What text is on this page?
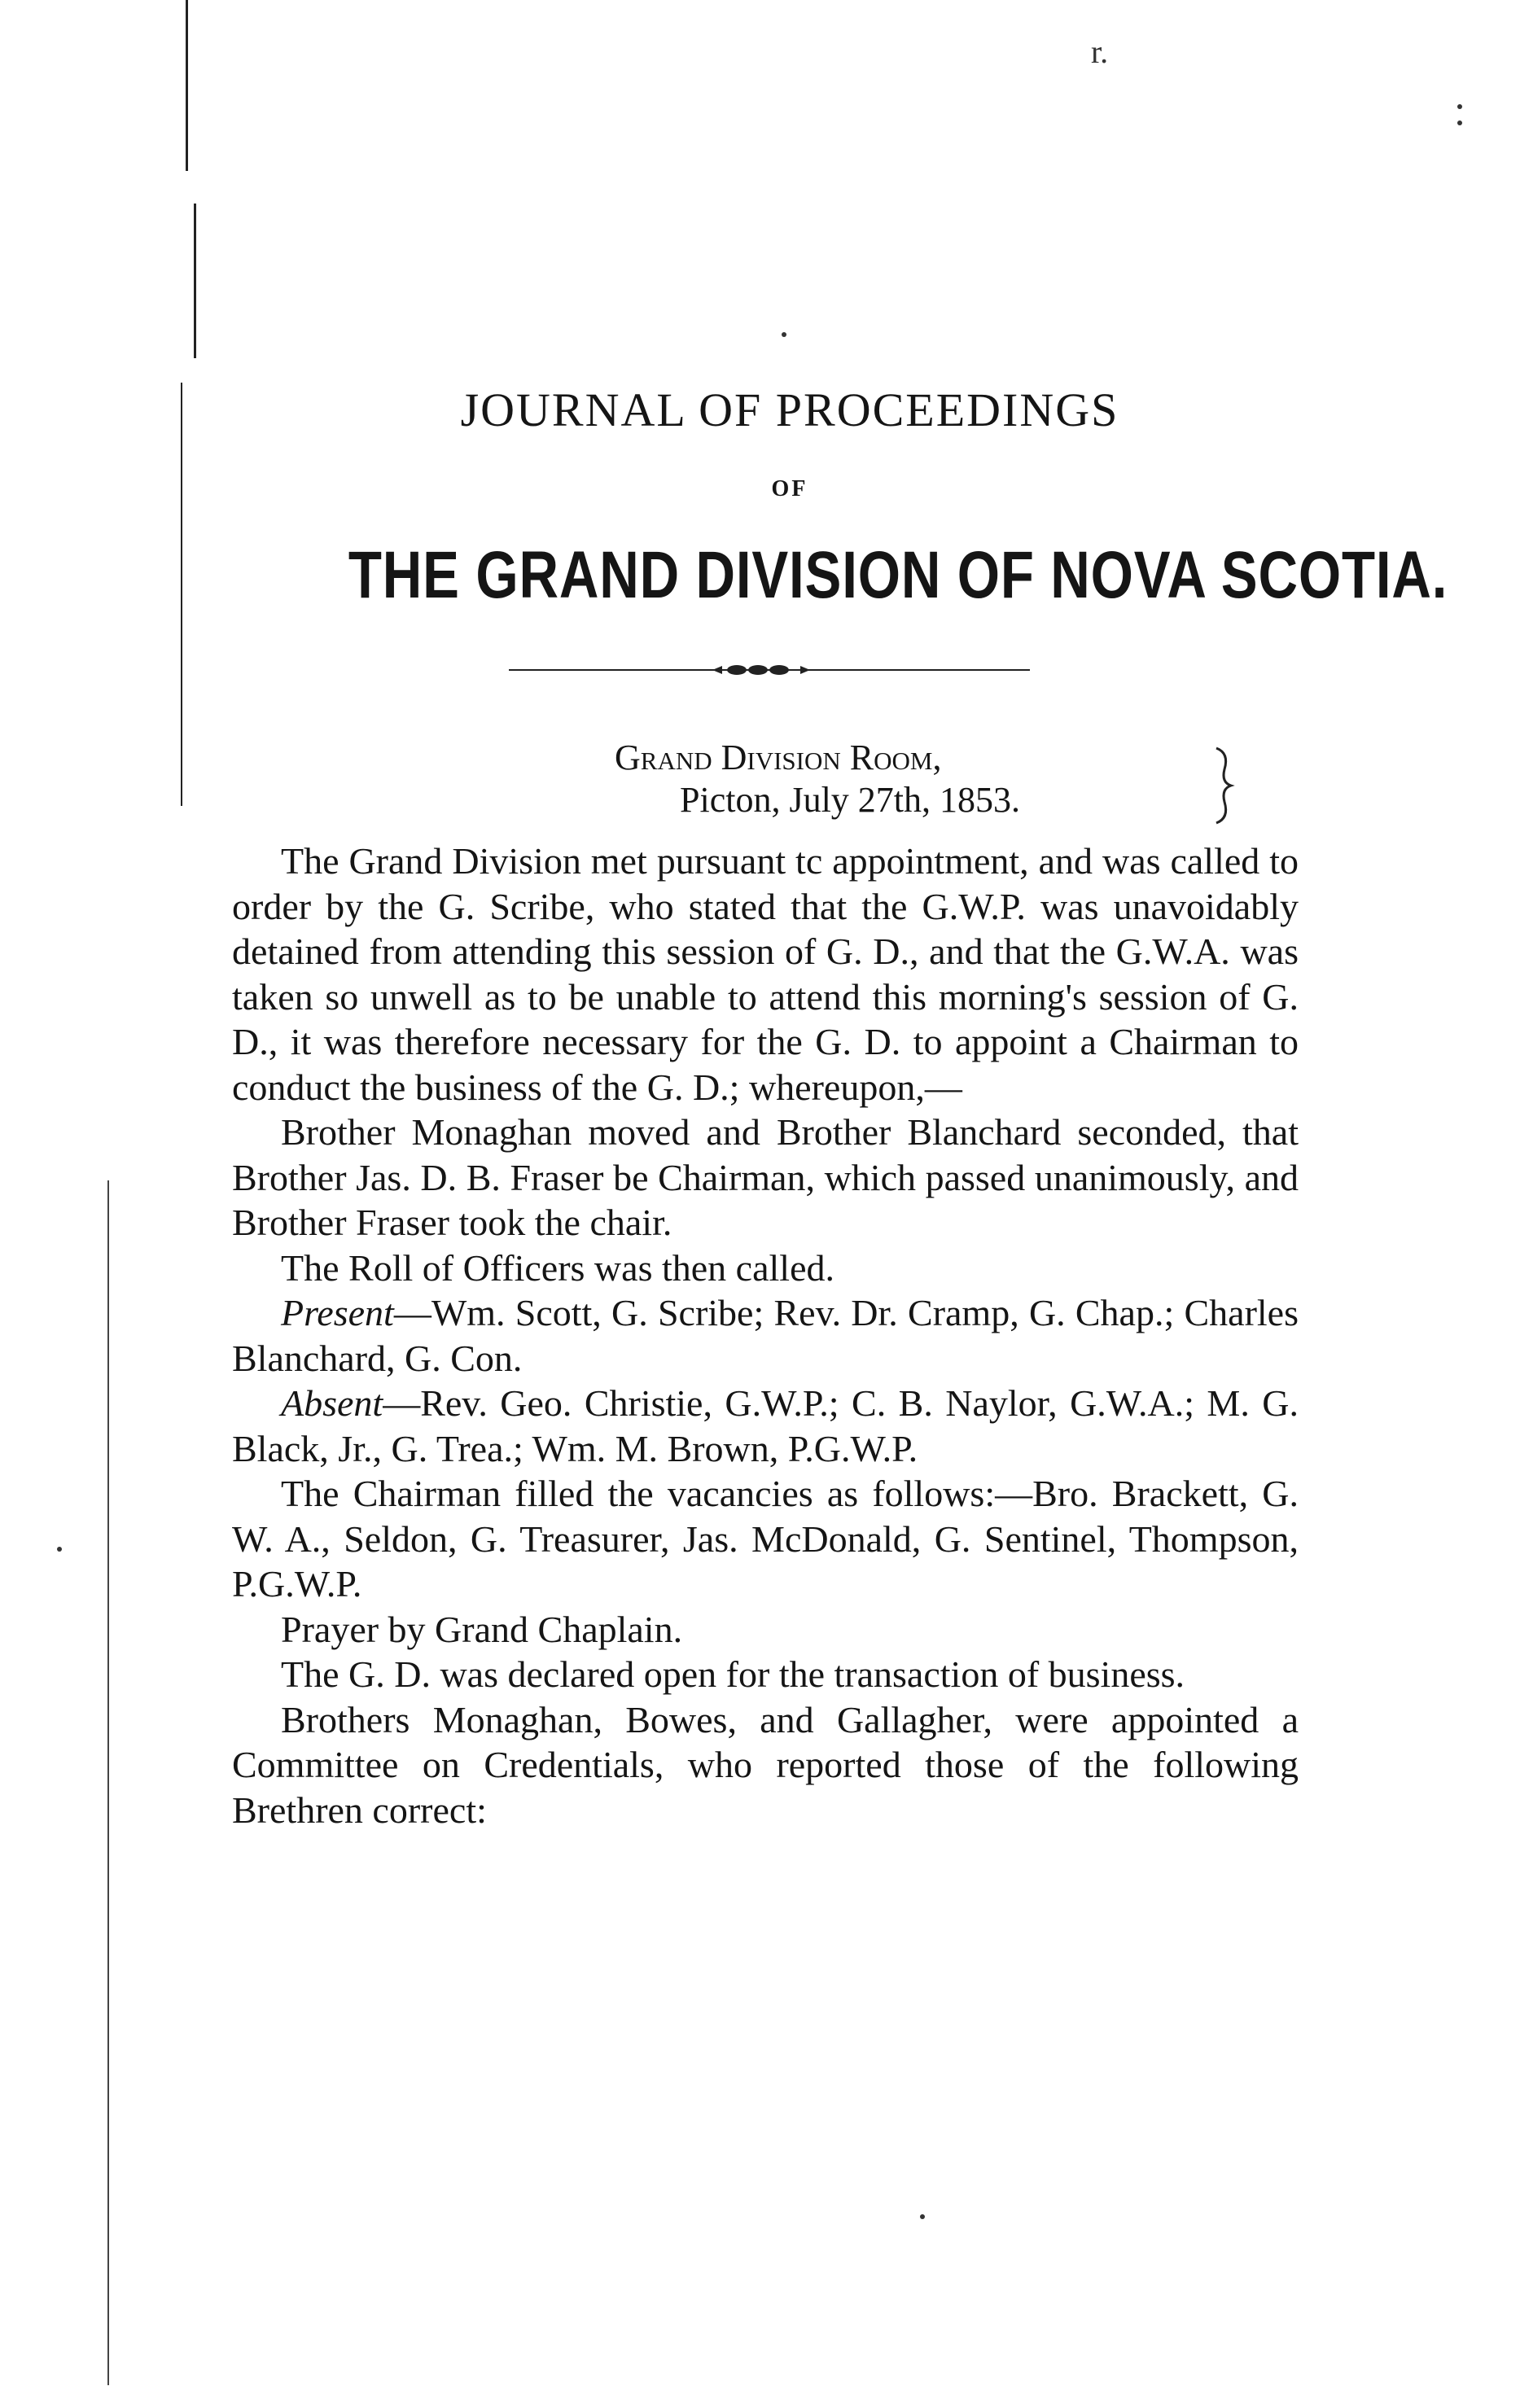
r.
JOURNAL OF PROCEEDINGS
OF
THE GRAND DIVISION OF NOVA SCOTIA.
Grand Division Room,
Picton, July 27th, 1853.

The Grand Division met pursuant tc appointment, and was called to order by the G. Scribe, who stated that the G.W.P. was unavoidably detained from attending this session of G. D., and that the G.W.A. was taken so unwell as to be unable to attend this morning's session of G. D., it was therefore necessary for the G. D. to appoint a Chairman to conduct the business of the G. D.; whereupon,—

Brother Monaghan moved and Brother Blanchard seconded, that Brother Jas. D. B. Fraser be Chairman, which passed unanimously, and Brother Fraser took the chair.

The Roll of Officers was then called.

Present—Wm. Scott, G. Scribe; Rev. Dr. Cramp, G. Chap.; Charles Blanchard, G. Con.

Absent—Rev. Geo. Christie, G.W.P.; C. B. Naylor, G.W.A.; M. G. Black, Jr., G. Trea.; Wm. M. Brown, P.G.W.P.

The Chairman filled the vacancies as follows:—Bro. Brackett, G. W. A., Seldon, G. Treasurer, Jas. McDonald, G. Sentinel, Thompson, P.G.W.P.

Prayer by Grand Chaplain.

The G. D. was declared open for the transaction of business.

Brothers Monaghan, Bowes, and Gallagher, were appointed a Committee on Credentials, who reported those of the following Brethren correct:
